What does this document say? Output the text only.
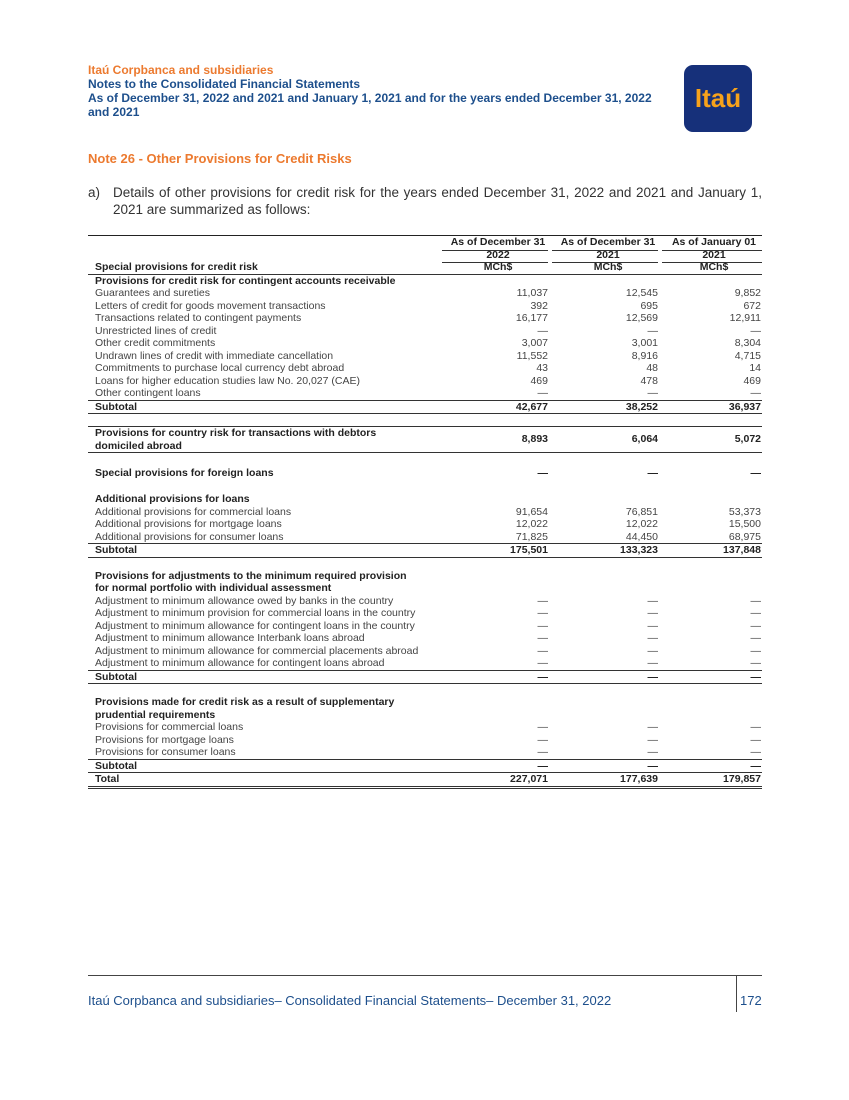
Itaú Corpbanca and subsidiaries
Notes to the Consolidated Financial Statements
As of December 31, 2022 and 2021 and January 1, 2021 and for the years ended December 31, 2022
and 2021	Itaú
Note 26 - Other Provisions for Credit Risks
a) Details of other provisions for credit risk for the years ended December 31, 2022 and 2021 and January 1, 2021 are summarized as follows:
As of December 31	As of December 31	As of January 01
2022	2021	2021
Special provisions for credit risk	MCh$	MCh$	MCh$
Provisions for credit risk for contingent accounts receivable
Guarantees and sureties	11,037	12,545	9,852
Letters of credit for goods movement transactions	392	695	672
Transactions related to contingent payments	16,177	12,569	12,911
Unrestricted lines of credit	—	—	—
Other credit commitments	3,007	3,001	8,304
Undrawn lines of credit with immediate cancellation	11,552	8,916	4,715
Commitments to purchase local currency debt abroad	43	48	14
Loans for higher education studies law No. 20,027 (CAE)	469	478	469
Other contingent loans	—	—	—
Subtotal	42,677	38,252	36,937
Provisions for country risk for transactions with debtors
domiciled abroad
8,893	6,064	5,072
Special provisions for foreign loans	—	—	—
Additional provisions for loans
Additional provisions for commercial loans	91,654	76,851	53,373
Additional provisions for mortgage loans	12,022	12,022	15,500
Additional provisions for consumer loans	71,825	44,450	68,975
Subtotal	175,501	133,323	137,848
Provisions for adjustments to the minimum required provision
for normal portfolio with individual assessment
Adjustment to minimum allowance owed by banks in the country	—	—	—
Adjustment to minimum provision for commercial loans in the country	—	—	—
Adjustment to minimum allowance for contingent loans in the country	—	—	—
Adjustment to minimum allowance Interbank loans abroad	—	—	—
Adjustment to minimum allowance for commercial placements abroad	—	—	—
Adjustment to minimum allowance for contingent loans abroad	—	—	—
Subtotal	—	—	—
Provisions made for credit risk as a result of supplementary
prudential requirements
Provisions for commercial loans	—	—	—
Provisions for mortgage loans	—	—	—
Provisions for consumer loans	—	—	—
Subtotal	—	—	—
Total	227,071	177,639	179,857
Itaú Corpbanca and subsidiaries– Consolidated Financial Statements– December 31, 2022	172
